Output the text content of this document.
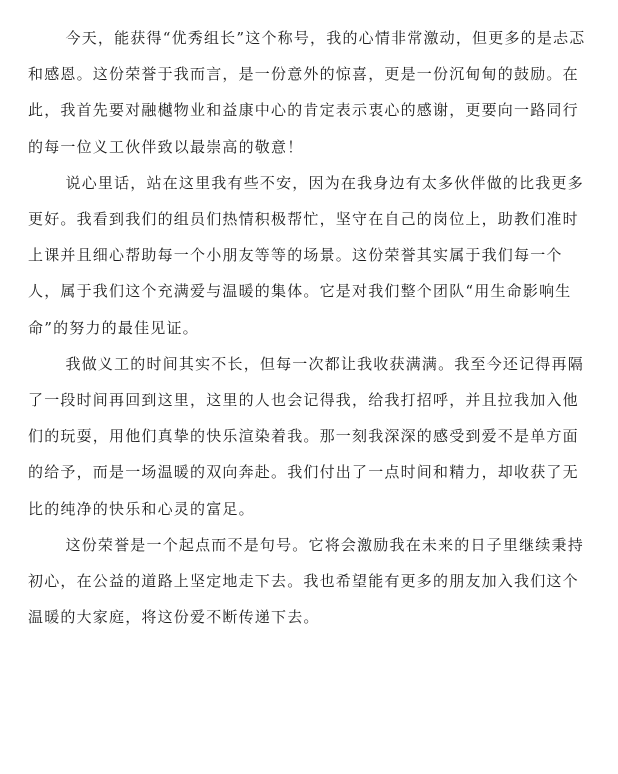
今天，能获得“优秀组长”这个称号，我的心情非常激动，但更多的是忐忑和感恩。这份荣誉于我而言，是一份意外的惊喜，更是一份沉甸甸的鼓励。在此，我首先要对融樾物业和益康中心的肯定表示衷心的感谢，更要向一路同行的每一位义工伙伴致以最崇高的敬意！

说心里话，站在这里我有些不安，因为在我身边有太多伙伴做的比我更多更好。我看到我们的组员们热情积极帮忙，坚守在自己的岗位上，助教们准时上课并且细心帮助每一个小朋友等等的场景。这份荣誉其实属于我们每一个人，属于我们这个充满爱与温暖的集体。它是对我们整个团队“用生命影响生命”的努力的最佳见证。

我做义工的时间其实不长，但每一次都让我收获满满。我至今还记得再隔了一段时间再回到这里，这里的人也会记得我，给我打招呼，并且拉我加入他们的玩耍，用他们真挚的快乐渲染着我。那一刻我深深的感受到爱不是单方面的给予，而是一场温暖的双向奔赴。我们付出了一点时间和精力，却收获了无比的纯净的快乐和心灵的富足。

这份荣誉是一个起点而不是句号。它将会激励我在未来的日子里继续秉持初心，在公益的道路上坚定地走下去。我也希望能有更多的朋友加入我们这个温暖的大家庭，将这份爱不断传递下去。
